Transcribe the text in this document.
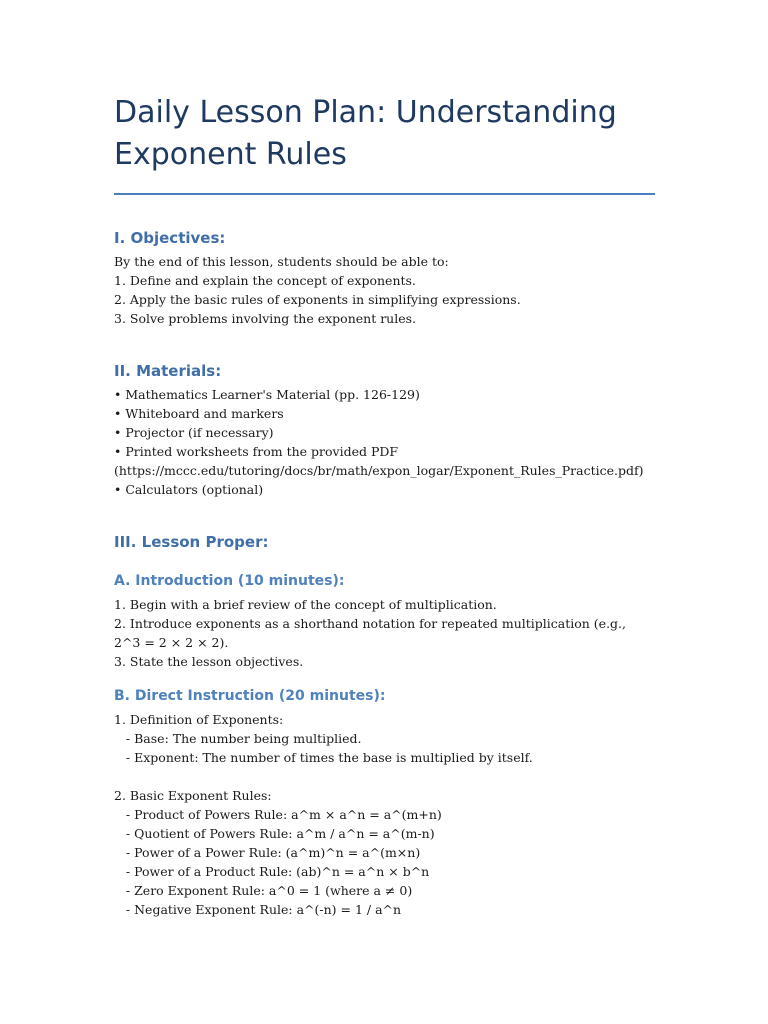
Daily Lesson Plan: Understanding Exponent Rules
I. Objectives:
By the end of this lesson, students should be able to:
1. Define and explain the concept of exponents.
2. Apply the basic rules of exponents in simplifying expressions.
3. Solve problems involving the exponent rules.
II. Materials:
• Mathematics Learner's Material (pp. 126-129)
• Whiteboard and markers
• Projector (if necessary)
• Printed worksheets from the provided PDF
(https://mccc.edu/tutoring/docs/br/math/expon_logar/Exponent_Rules_Practice.pdf)
• Calculators (optional)
III. Lesson Proper:
A. Introduction (10 minutes):
1. Begin with a brief review of the concept of multiplication.
2. Introduce exponents as a shorthand notation for repeated multiplication (e.g., 2^3 = 2 × 2 × 2).
3. State the lesson objectives.
B. Direct Instruction (20 minutes):
1. Definition of Exponents:
- Base: The number being multiplied.
- Exponent: The number of times the base is multiplied by itself.
2. Basic Exponent Rules:
- Product of Powers Rule: a^m × a^n = a^(m+n)
- Quotient of Powers Rule: a^m / a^n = a^(m-n)
- Power of a Power Rule: (a^m)^n = a^(m×n)
- Power of a Product Rule: (ab)^n = a^n × b^n
- Zero Exponent Rule: a^0 = 1 (where a ≠ 0)
- Negative Exponent Rule: a^(-n) = 1 / a^n
